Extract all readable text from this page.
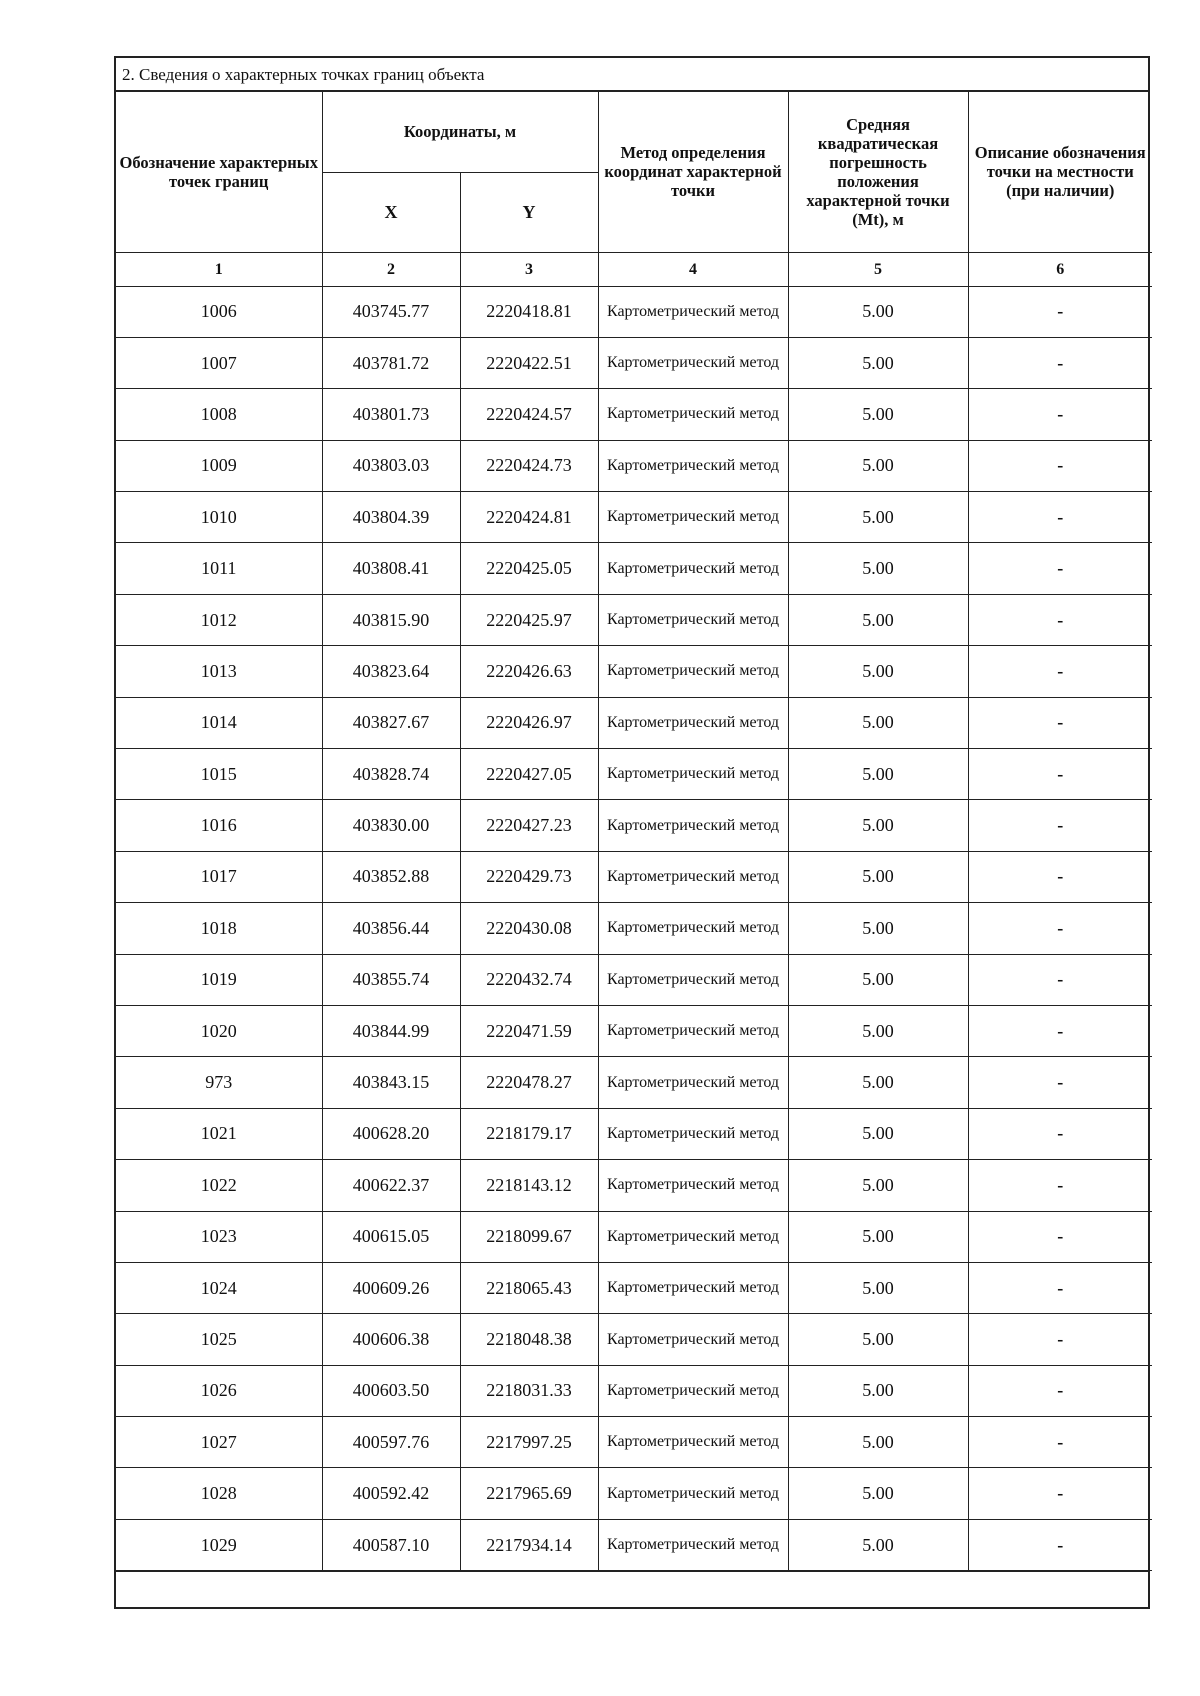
2. Сведения о характерных точках границ объекта
Обозначение характерных точек границ	Координаты, м		Метод определения координат характерной точки	Средняя квадратическая погрешность положения характерной точки (Mt), м	Описание обозначения точки на местности (при наличии)
	X	Y			
1	2	3	4	5	6
1006	403745.77	2220418.81	Картометрический метод	5.00	-
1007	403781.72	2220422.51	Картометрический метод	5.00	-
1008	403801.73	2220424.57	Картометрический метод	5.00	-
1009	403803.03	2220424.73	Картометрический метод	5.00	-
1010	403804.39	2220424.81	Картометрический метод	5.00	-
1011	403808.41	2220425.05	Картометрический метод	5.00	-
1012	403815.90	2220425.97	Картометрический метод	5.00	-
1013	403823.64	2220426.63	Картометрический метод	5.00	-
1014	403827.67	2220426.97	Картометрический метод	5.00	-
1015	403828.74	2220427.05	Картометрический метод	5.00	-
1016	403830.00	2220427.23	Картометрический метод	5.00	-
1017	403852.88	2220429.73	Картометрический метод	5.00	-
1018	403856.44	2220430.08	Картометрический метод	5.00	-
1019	403855.74	2220432.74	Картометрический метод	5.00	-
1020	403844.99	2220471.59	Картометрический метод	5.00	-
973	403843.15	2220478.27	Картометрический метод	5.00	-
1021	400628.20	2218179.17	Картометрический метод	5.00	-
1022	400622.37	2218143.12	Картометрический метод	5.00	-
1023	400615.05	2218099.67	Картометрический метод	5.00	-
1024	400609.26	2218065.43	Картометрический метод	5.00	-
1025	400606.38	2218048.38	Картометрический метод	5.00	-
1026	400603.50	2218031.33	Картометрический метод	5.00	-
1027	400597.76	2217997.25	Картометрический метод	5.00	-
1028	400592.42	2217965.69	Картометрический метод	5.00	-
1029	400587.10	2217934.14	Картометрический метод	5.00	-
